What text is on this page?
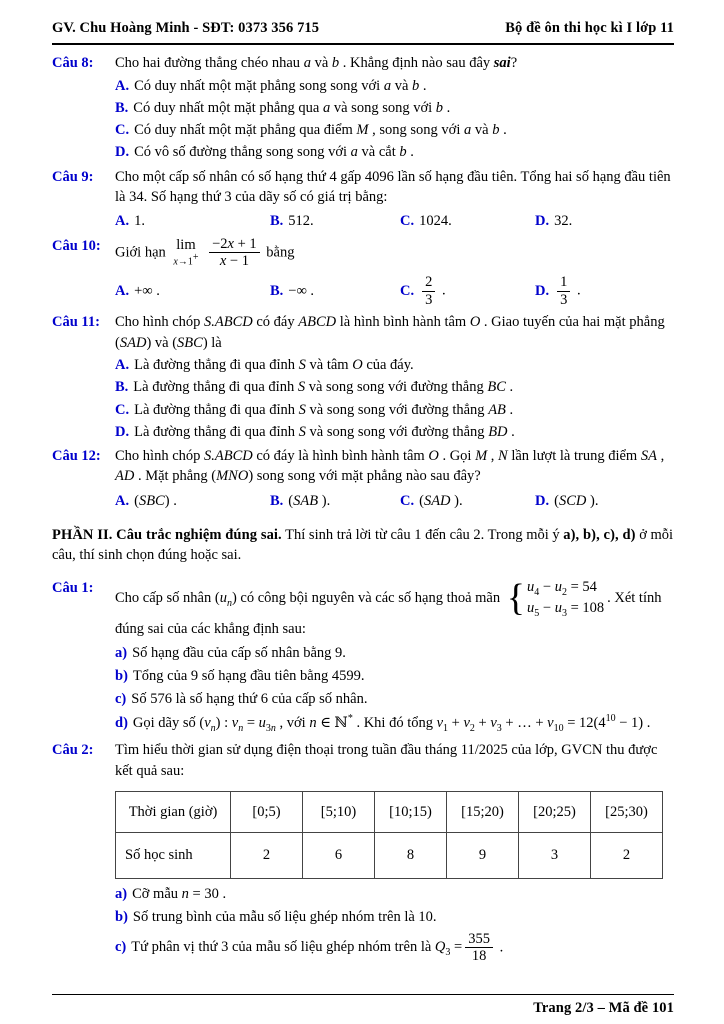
GV. Chu Hoàng Minh - SĐT: 0373 356 715	Bộ đề ôn thi học kì I lớp 11
Câu 8:	Cho hai đường thẳng chéo nhau a và b . Khẳng định nào sau đây sai?
A. Có duy nhất một mặt phẳng song song với a và b .
B. Có duy nhất một mặt phẳng qua a và song song với b .
C. Có duy nhất một mặt phẳng qua điểm M , song song với a và b .
D. Có vô số đường thẳng song song với a và cắt b .
Câu 9:	Cho một cấp số nhân có số hạng thứ 4 gấp 4096 lần số hạng đầu tiên. Tổng hai số hạng đầu tiên là 34. Số hạng thứ 3 của dãy số có giá trị bằng:
A. 1.	B. 512.	C. 1024.	D. 32.
Câu 10: Giới hạn lim
x→1+
$\frac{-2x + 1}{x - 1}$ bằng
A. +∞ .	B. −∞ .	C. $\frac{2}{3}$ .	D. $\frac{1}{3}$ .
Câu 11:	Cho hình chóp S.ABCD có đáy ABCD là hình bình hành tâm O . Giao tuyến của hai mặt phẳng (SAD) và (SBC) là
A. Là đường thẳng đi qua đỉnh S và tâm O của đáy.
B. Là đường thẳng đi qua đỉnh S và song song với đường thẳng BC .
C. Là đường thẳng đi qua đỉnh S và song song với đường thẳng AB .
D. Là đường thẳng đi qua đỉnh S và song song với đường thẳng BD .
Câu 12: Cho hình chóp S.ABCD có đáy là hình bình hành tâm O . Gọi M , N lần lượt là trung điểm SA , AD . Mặt phẳng (MNO) song song với mặt phẳng nào sau đây?
A. (SBC) .	B. (SAB ).	C. (SAD ).	D. (SCD ).
PHẦN II. Câu trắc nghiệm đúng sai. Thí sinh trả lời từ câu 1 đến câu 2. Trong mỗi ý a), b), c), d) ở mỗi câu, thí sinh chọn đúng hoặc sai.
Câu 1:
Cho cấp số nhân $(u_n)$ có công bội nguyên và các số hạng thoả mãn { $u_4 - u_2 = 54$
$u_5 - u_3 = 108$
. Xét tính đúng sai của các khẳng định sau:
a) Số hạng đầu của cấp số nhân bằng 9.
b) Tổng của 9 số hạng đầu tiên bằng 4599.
c) Số 576 là số hạng thứ 6 của cấp số nhân.
d) Gọi dãy số $(v_n)$ : $v_n = u_{3n}$ , với n ∈ ℕ* . Khi đó tổng $v_1 + v_2 + v_3$ + … + $v_{10} = 12(4^{10} - 1)$ .
Câu 2:	Tìm hiểu thời gian sử dụng điện thoại trong tuần đầu tháng 11/2025 của lớp, GVCN thu được kết quả sau:
Thời gian (giờ)	[0;5)	[5;10)	[10;15)	[15;20)	[20;25)	[25;30)
Số học sinh	2	6	8	9	3	2
a) Cỡ mẫu n = 30 .
b) Số trung bình của mẫu số liệu ghép nhóm trên là 10.
c) Tứ phân vị thứ 3 của mẫu số liệu ghép nhóm trên là $Q_3 = \frac{355}{18}$ .
Trang 2/3 – Mã đề 101
